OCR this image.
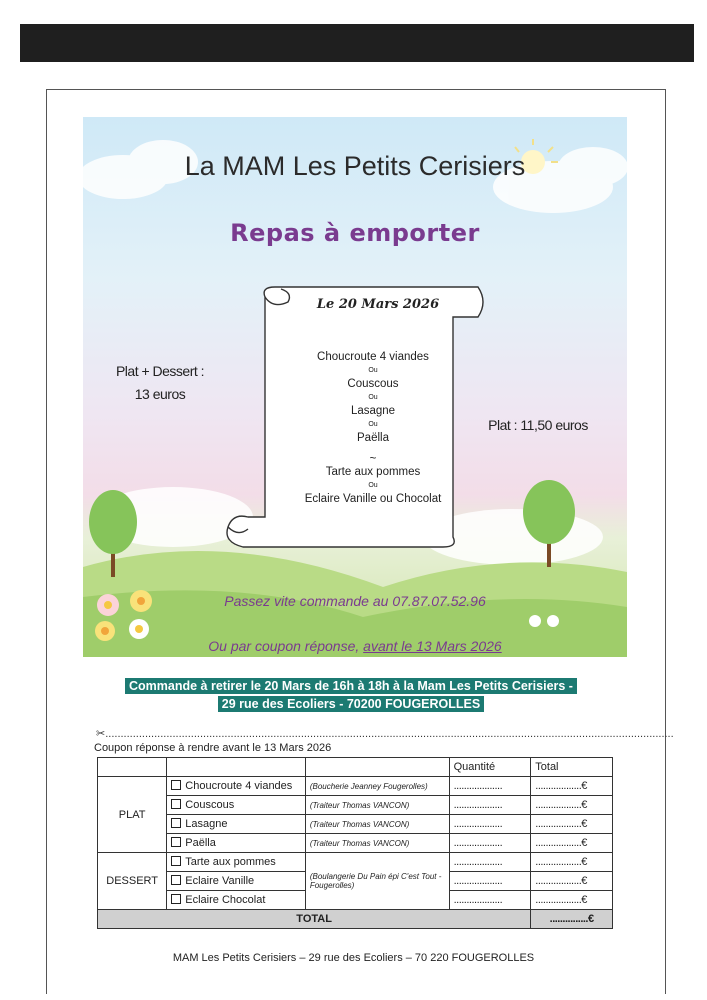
La MAM Les Petits Cerisiers
Repas à emporter
Le 20 Mars 2026
Choucroute 4 viandes
Ou
Couscous
Ou
Lasagne
Ou
Paëlla
~
Tarte aux pommes
Ou
Eclaire Vanille ou Chocolat
Plat + Dessert :
13 euros
Plat : 11,50 euros
Passez vite commande au 07.87.07.52.96
Ou par coupon réponse, avant le 13 Mars 2026
Commande à retirer le 20 Mars de 16h à 18h à la Mam Les Petits Cerisiers -
29 rue des Ecoliers - 70200 FOUGEROLLES
✂..........................................................................................................................................................................................
Coupon réponse à rendre avant le 13 Mars 2026
			Quantité	Total
PLAT	Choucroute 4 viandes	(Boucherie Jeanney Fougerolles)	...................	..................€
	Couscous	(Traiteur Thomas VANCON)	...................	..................€
	Lasagne	(Traiteur Thomas VANCON)	...................	..................€
	Paëlla	(Traiteur Thomas VANCON)	...................	..................€
DESSERT	Tarte aux pommes	(Boulangerie Du Pain épi C'est Tout - Fougerolles)	...................	..................€
	Eclaire Vanille		...................	..................€
	Eclaire Chocolat		...................	..................€
TOTAL				...............€
MAM Les Petits Cerisiers – 29 rue des Ecoliers – 70 220 FOUGEROLLES
